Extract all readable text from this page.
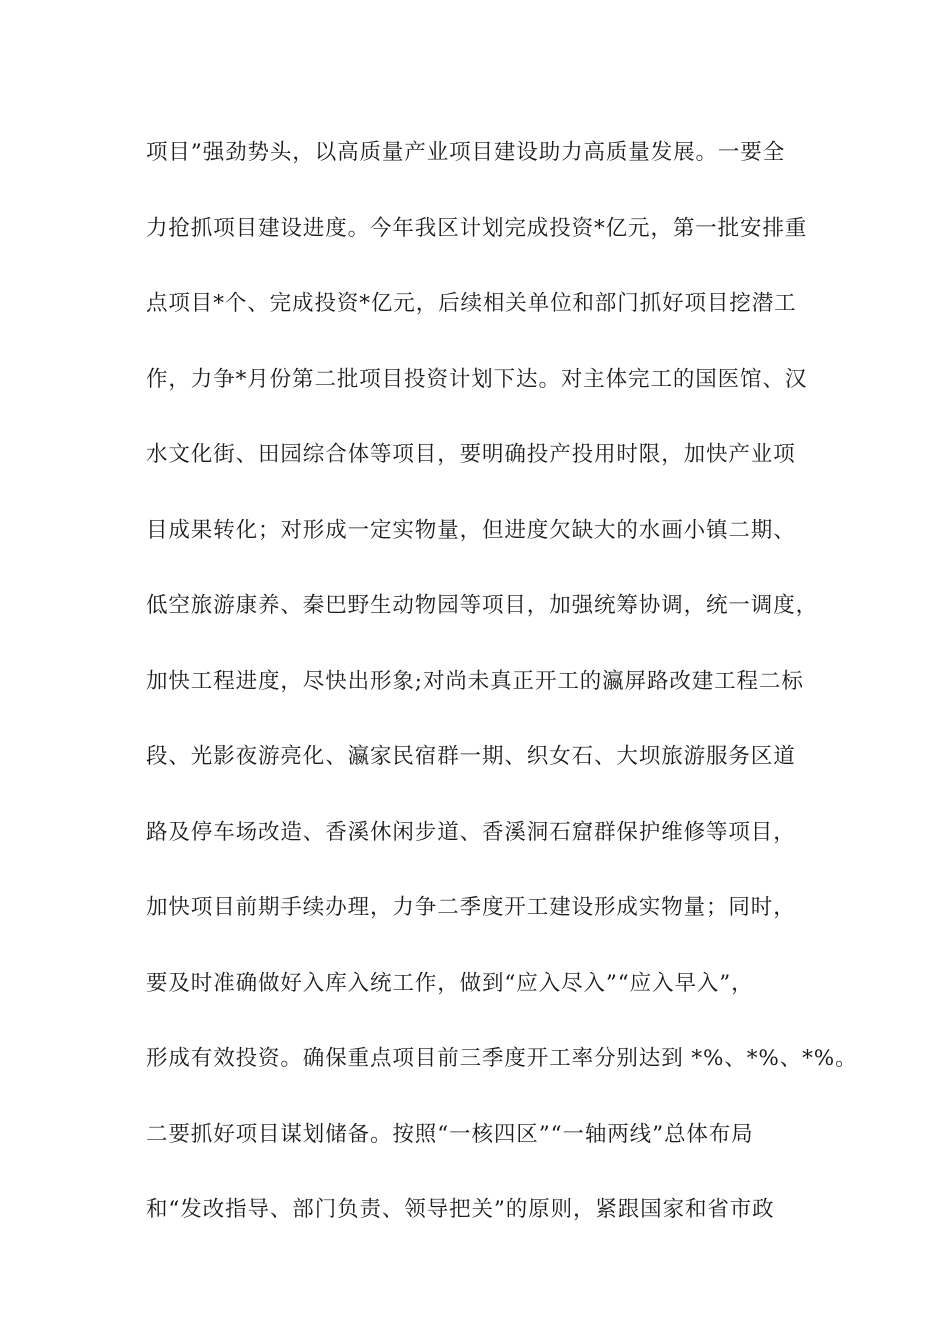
项目”强劲势头，以高质量产业项目建设助力高质量发展。一要全
力抢抓项目建设进度。今年我区计划完成投资*亿元，第一批安排重
点项目*个、完成投资*亿元，后续相关单位和部门抓好项目挖潜工
作，力争*月份第二批项目投资计划下达。对主体完工的国医馆、汉
水文化街、田园综合体等项目，要明确投产投用时限，加快产业项
目成果转化；对形成一定实物量，但进度欠缺大的水画小镇二期、
低空旅游康养、秦巴野生动物园等项目，加强统筹协调，统一调度，
加快工程进度，尽快出形象;对尚未真正开工的瀛屏路改建工程二标
段、光影夜游亮化、瀛家民宿群一期、织女石、大坝旅游服务区道
路及停车场改造、香溪休闲步道、香溪洞石窟群保护维修等项目，
加快项目前期手续办理，力争二季度开工建设形成实物量；同时，
要及时准确做好入库入统工作，做到“应入尽入”“应入早入”，
形成有效投资。确保重点项目前三季度开工率分别达到 *%、*%、*%。
二要抓好项目谋划储备。按照“一核四区”“一轴两线”总体布局
和“发改指导、部门负责、领导把关”的原则，紧跟国家和省市政
